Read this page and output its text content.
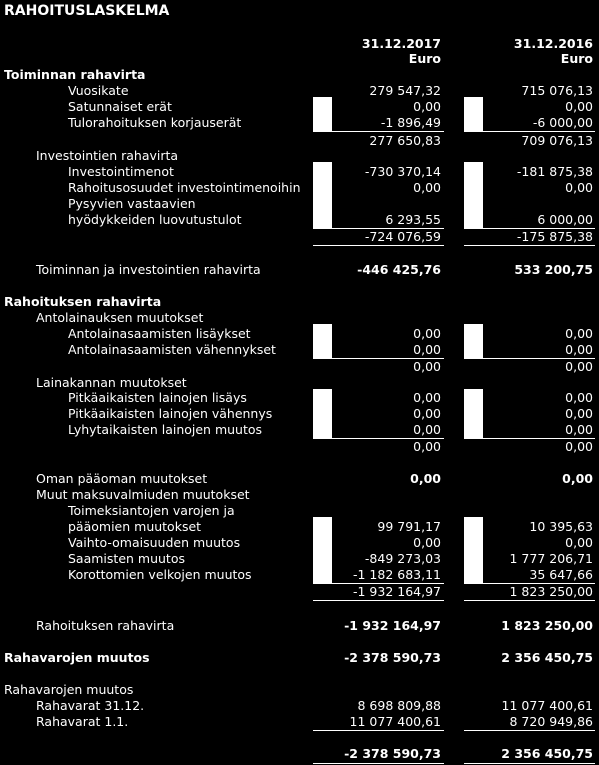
RAHOITUSLASKELMA
31.12.2017	31.12.2016
Euro	Euro
Toiminnan rahavirta
Vuosikate	279 547,32	715 076,13
Satunnaiset erät	0,00	0,00
Tulorahoituksen korjauserät	-1 896,49	-6 000,00
277 650,83	709 076,13
Investointien rahavirta
Investointimenot	-730 370,14	-181 875,38
Rahoitusosuudet investointimenoihin	0,00	0,00
Pysyvien vastaavien
hyödykkeiden luovutustulot	6 293,55	6 000,00
-724 076,59	-175 875,38
Toiminnan ja investointien rahavirta	-446 425,76	533 200,75
Rahoituksen rahavirta
Antolainauksen muutokset
Antolainasaamisten lisäykset	0,00	0,00
Antolainasaamisten vähennykset	0,00	0,00
0,00	0,00
Lainakannan muutokset
Pitkäaikaisten lainojen lisäys	0,00	0,00
Pitkäaikaisten lainojen vähennys	0,00	0,00
Lyhytaikaisten lainojen muutos	0,00	0,00
0,00	0,00
Oman pääoman muutokset	0,00	0,00
Muut maksuvalmiuden muutokset
Toimeksiantojen varojen ja
pääomien muutokset	99 791,17	10 395,63
Vaihto-omaisuuden muutos	0,00	0,00
Saamisten muutos	-849 273,03	1 777 206,71
Korottomien velkojen muutos	-1 182 683,11	35 647,66
-1 932 164,97	1 823 250,00
Rahoituksen rahavirta	-1 932 164,97	1 823 250,00
Rahavarojen muutos	-2 378 590,73	2 356 450,75
Rahavarojen muutos
Rahavarat 31.12.	8 698 809,88	11 077 400,61
Rahavarat 1.1.	11 077 400,61	8 720 949,86
-2 378 590,73	2 356 450,75
